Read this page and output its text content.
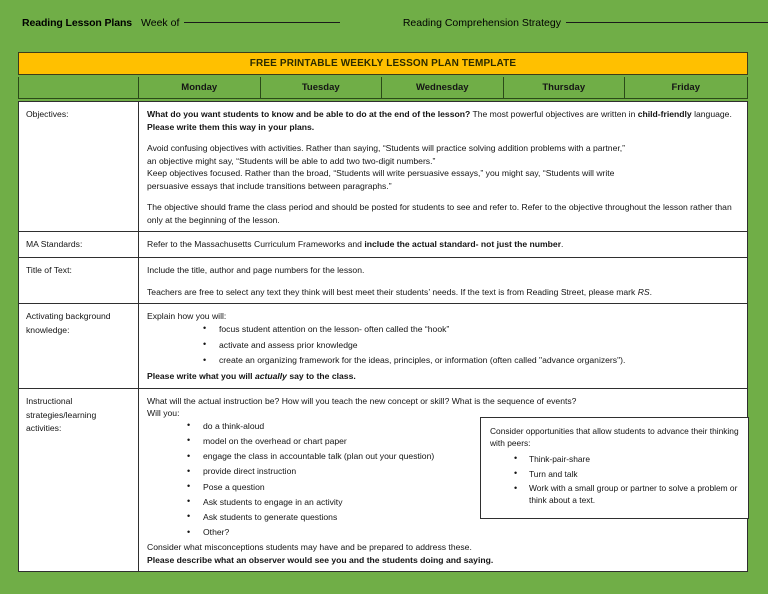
Reading Lesson Plans Week of	Reading Comprehension Strategy
FREE PRINTABLE WEEKLY LESSON PLAN TEMPLATE
Monday	Tuesday	Wednesday	Thursday	Friday
Objectives:	What do you want students to know and be able to do at the end of the lesson? The most powerful objectives are written in child-friendly language. Please write them this way in your plans.

Avoid confusing objectives with activities. Rather than saying, “Students will practice solving addition problems with a partner,”

an objective might say, “Students will be able to add two two-digit numbers.”

Keep objectives focused. Rather than the broad, “Students will write persuasive essays,” you might say, “Students will write

persuasive essays that include transitions between paragraphs.”

The objective should frame the class period and should be posted for students to see and refer to. Refer to the objective throughout the lesson rather than only at the beginning of the lesson.

MA Standards:	Refer to the Massachusetts Curriculum Frameworks and include the actual standard- not just the number.

Title of Text:	Include the title, author and page numbers for the lesson.

Teachers are free to select any text they think will best meet their students’ needs. If the text is from Reading Street, please mark RS.

Activating background knowledge:

Explain how you will:

• focus student attention on the lesson- often called the “hook”
• activate and assess prior knowledge
• create an organizing framework for the ideas, principles, or information (often called "advance organizers").

Please write what you will actually say to the class.

Instructional strategies/learning activities:

What will the actual instruction be? How will you teach the new concept or skill? What is the sequence of events?

Will you:

• do a think-aloud
• model on the overhead or chart paper
• engage the class in accountable talk (plan out your question)
• provide direct instruction
• Pose a question
• Ask students to engage in an activity
• Ask students to generate questions
• Other?

Consider what misconceptions students may have and be prepared to address these.

Please describe what an observer would see you and the students doing and saying.

Consider opportunities that allow students to advance their thinking with peers:

• Think-pair-share
• Turn and talk
• Work with a small group or partner to solve a problem or think about a text.
